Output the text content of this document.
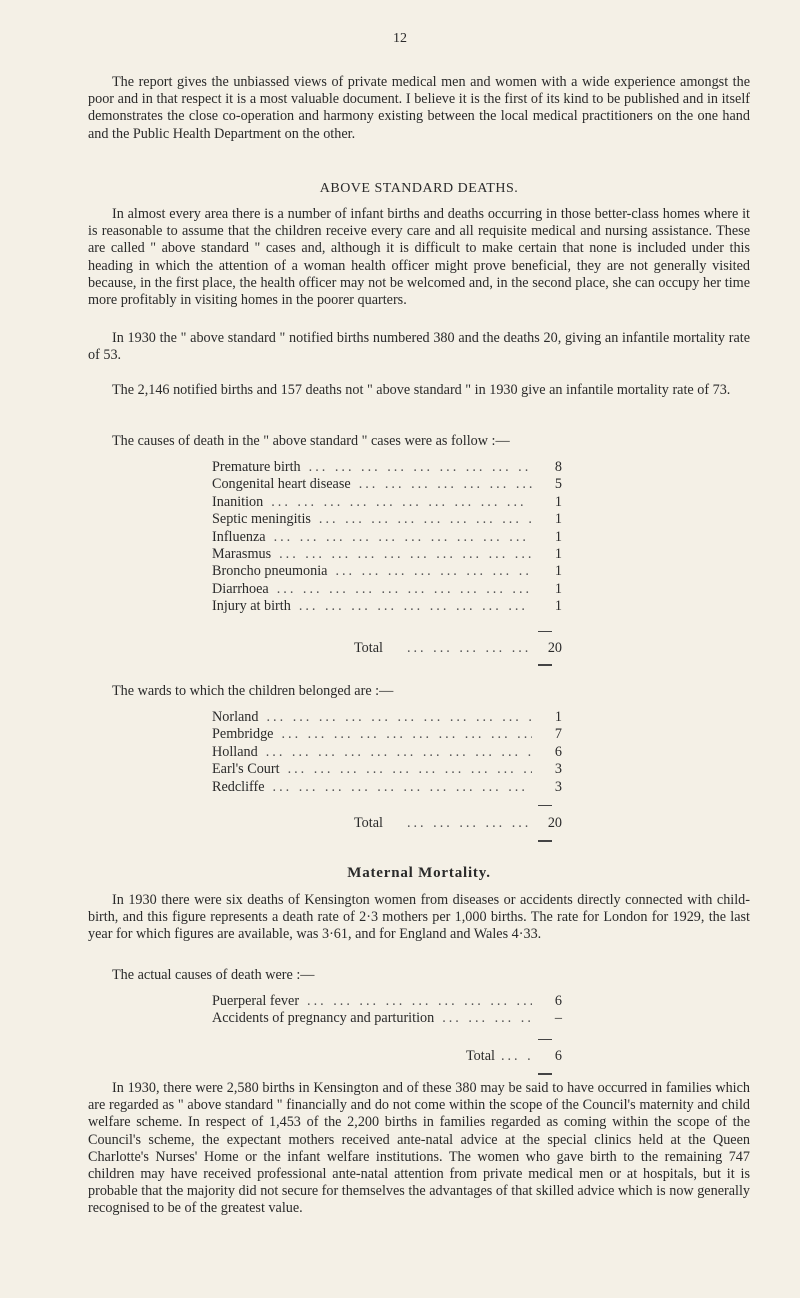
12

The report gives the unbiassed views of private medical men and women with a wide experience amongst the poor and in that respect it is a most valuable document. I believe it is the first of its kind to be published and in itself demonstrates the close co-operation and harmony existing between the local medical practitioners on the one hand and the Public Health Department on the other.

ABOVE STANDARD DEATHS.

In almost every area there is a number of infant births and deaths occurring in those better-class homes where it is reasonable to assume that the children receive every care and all requisite medical and nursing assistance. These are called " above standard " cases and, although it is difficult to make certain that none is included under this heading in which the attention of a woman health officer might prove beneficial, they are not generally visited because, in the first place, the health officer may not be welcomed and, in the second place, she can occupy her time more profitably in visiting homes in the poorer quarters.

In 1930 the " above standard " notified births numbered 380 and the deaths 20, giving an infantile mortality rate of 53.

The 2,146 notified births and 157 deaths not " above standard " in 1930 give an infantile mortality rate of 73.

The causes of death in the " above standard " cases were as follow :—

Premature birth ... .	8
Congenital heart disease ... .	5
Inanition ... .	1
Septic meningitis ... .	1
Influenza ... .	1
Marasmus ... .	1
Broncho pneumonia ... .	1
Diarrhoea ... .	1
Injury at birth ... .	1
Total ... .	20

The wards to which the children belonged are :—

Norland ... .	1
Pembridge ... .	7
Holland ... .	6
Earl's Court ... .	3
Redcliffe ... .	3
Total ... .	20

Maternal Mortality.

In 1930 there were six deaths of Kensington women from diseases or accidents directly connected with child-birth, and this figure represents a death rate of 2·3 mothers per 1,000 births. The rate for London for 1929, the last year for which figures are available, was 3·61, and for England and Wales 4·33.

The actual causes of death were :—

Puerperal fever ... .	6
Accidents of pregnancy and parturition ... .	–
Total ... .	6

In 1930, there were 2,580 births in Kensington and of these 380 may be said to have occurred in families which are regarded as " above standard " financially and do not come within the scope of the Council's maternity and child welfare scheme. In respect of 1,453 of the 2,200 births in families regarded as coming within the scope of the Council's scheme, the expectant mothers received ante-natal advice at the special clinics held at the Queen Charlotte's Nurses' Home or the infant welfare institutions. The women who gave birth to the remaining 747 children may have received professional ante-natal attention from private medical men or at hospitals, but it is probable that the majority did not secure for themselves the advantages of that skilled advice which is now generally recognised to be of the greatest value.
